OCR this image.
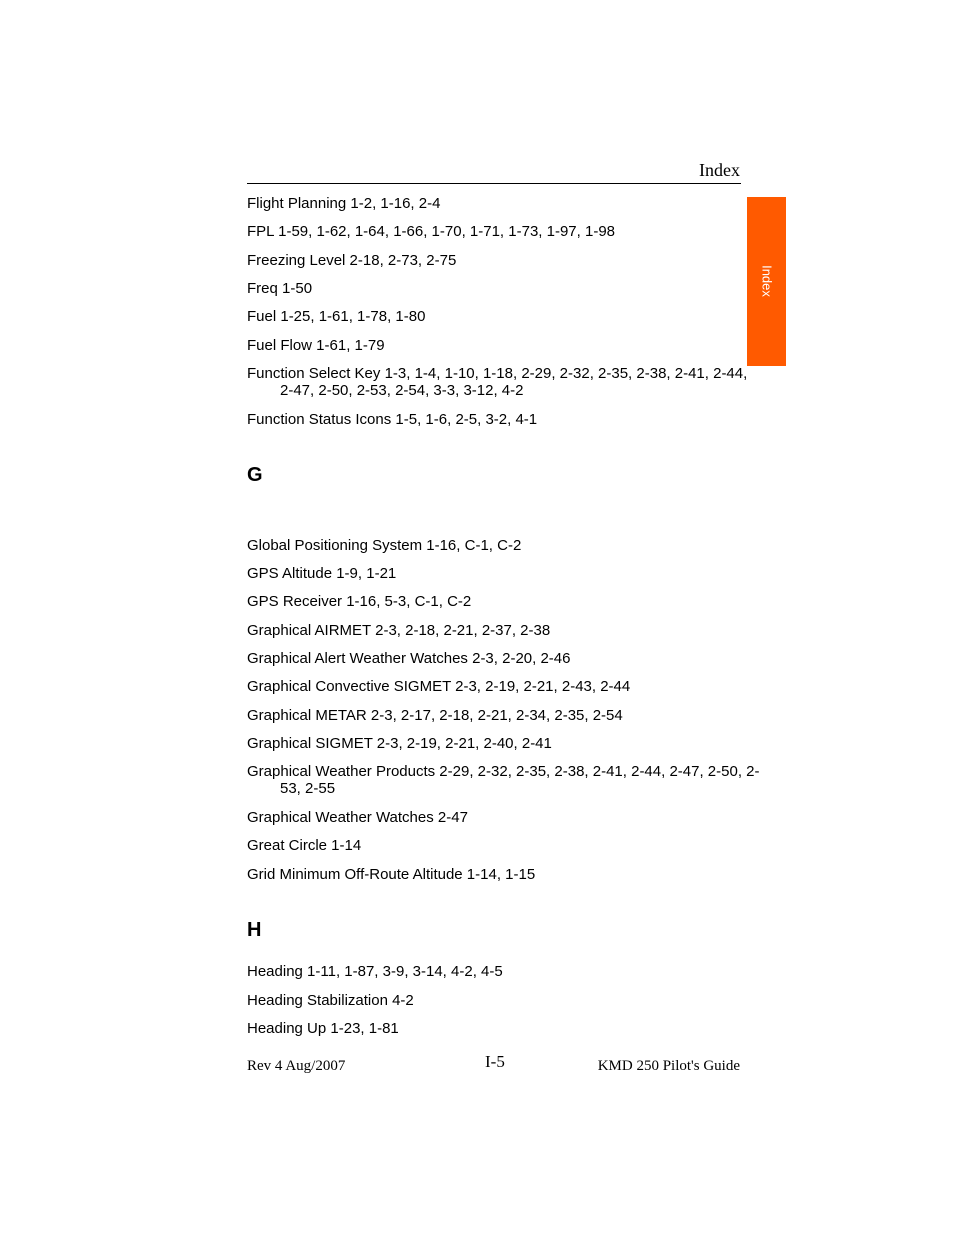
Index
Index
Flight Planning 1-2, 1-16, 2-4
FPL 1-59, 1-62, 1-64, 1-66, 1-70, 1-71, 1-73, 1-97, 1-98
Freezing Level 2-18, 2-73, 2-75
Freq 1-50
Fuel 1-25, 1-61, 1-78, 1-80
Fuel Flow 1-61, 1-79
Function Select Key 1-3, 1-4, 1-10, 1-18, 2-29, 2-32, 2-35, 2-38, 2-41, 2-44, 2-47, 2-50, 2-53, 2-54, 3-3, 3-12, 4-2
Function Status Icons 1-5, 1-6, 2-5, 3-2, 4-1
G
Global Positioning System 1-16, C-1, C-2
GPS Altitude 1-9, 1-21
GPS Receiver 1-16, 5-3, C-1, C-2
Graphical AIRMET 2-3, 2-18, 2-21, 2-37, 2-38
Graphical Alert Weather Watches 2-3, 2-20, 2-46
Graphical Convective SIGMET 2-3, 2-19, 2-21, 2-43, 2-44
Graphical METAR 2-3, 2-17, 2-18, 2-21, 2-34, 2-35, 2-54
Graphical SIGMET 2-3, 2-19, 2-21, 2-40, 2-41
Graphical Weather Products 2-29, 2-32, 2-35, 2-38, 2-41, 2-44, 2-47, 2-50, 2-53, 2-55
Graphical Weather Watches 2-47
Great Circle 1-14
Grid Minimum Off-Route Altitude 1-14, 1-15
H
Heading 1-11, 1-87, 3-9, 3-14, 4-2, 4-5
Heading Stabilization 4-2
Heading Up 1-23, 1-81
Rev 4 Aug/2007	I-5	KMD 250 Pilot's Guide
